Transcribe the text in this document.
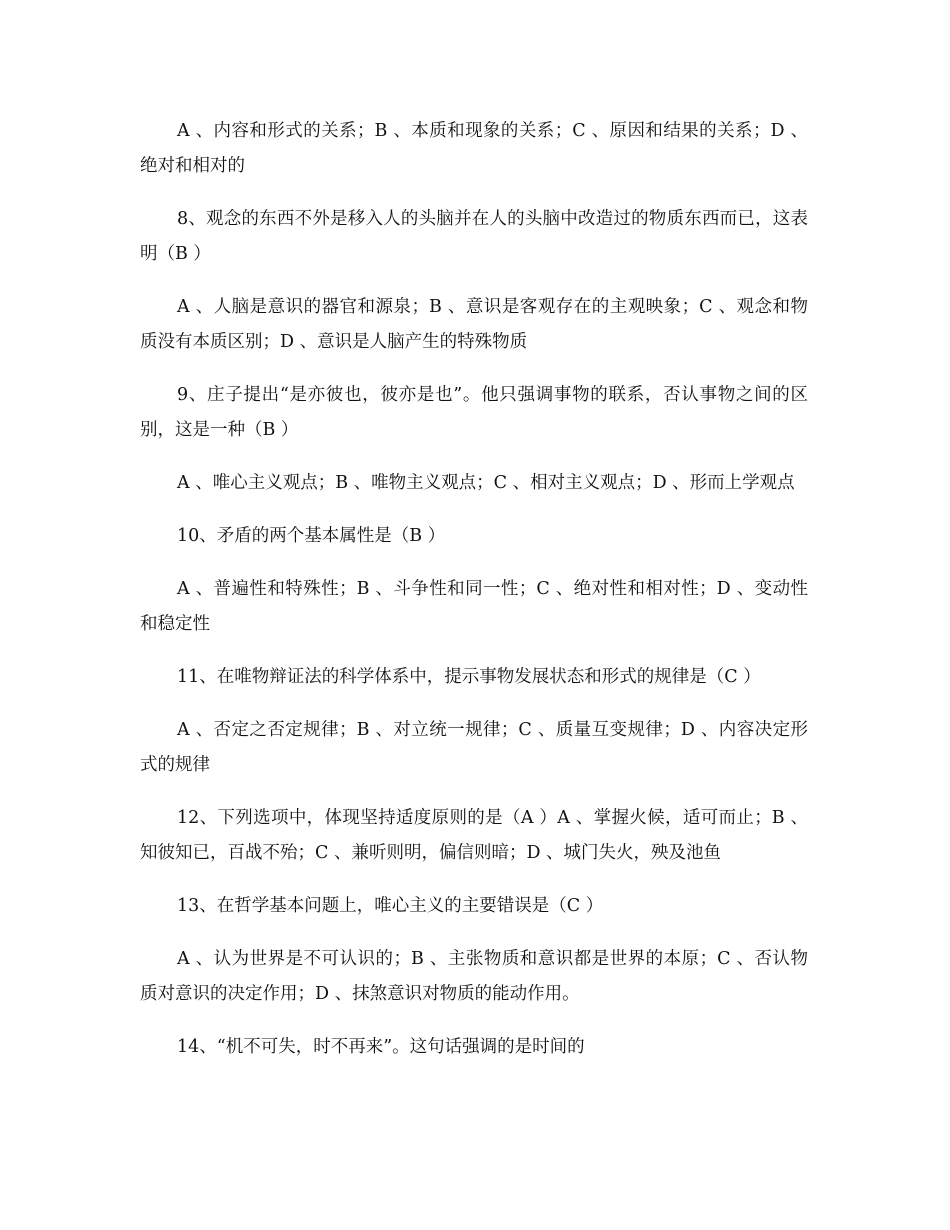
A 、内容和形式的关系；B 、本质和现象的关系；C 、原因和结果的关系；D 、绝对和相对的

8、观念的东西不外是移入人的头脑并在人的头脑中改造过的物质东西而已，这表明（B ）

A 、人脑是意识的器官和源泉；B 、意识是客观存在的主观映象；C 、观念和物质没有本质区别；D 、意识是人脑产生的特殊物质

9、庄子提出“是亦彼也，彼亦是也”。他只强调事物的联系，否认事物之间的区别，这是一种（B ）

A 、唯心主义观点；B 、唯物主义观点；C 、相对主义观点；D 、形而上学观点

10、矛盾的两个基本属性是（B ）

A 、普遍性和特殊性；B 、斗争性和同一性；C 、绝对性和相对性；D 、变动性和稳定性

11、在唯物辩证法的科学体系中，提示事物发展状态和形式的规律是（C ）

A 、否定之否定规律；B 、对立统一规律；C 、质量互变规律；D 、内容决定形式的规律

12、下列选项中，体现坚持适度原则的是（A ）A 、掌握火候，适可而止；B 、知彼知已，百战不殆；C 、兼听则明，偏信则暗；D 、城门失火，殃及池鱼

13、在哲学基本问题上，唯心主义的主要错误是（C ）

A 、认为世界是不可认识的；B 、主张物质和意识都是世界的本原；C 、否认物质对意识的决定作用；D 、抹煞意识对物质的能动作用。

14、“机不可失，时不再来”。这句话强调的是时间的
